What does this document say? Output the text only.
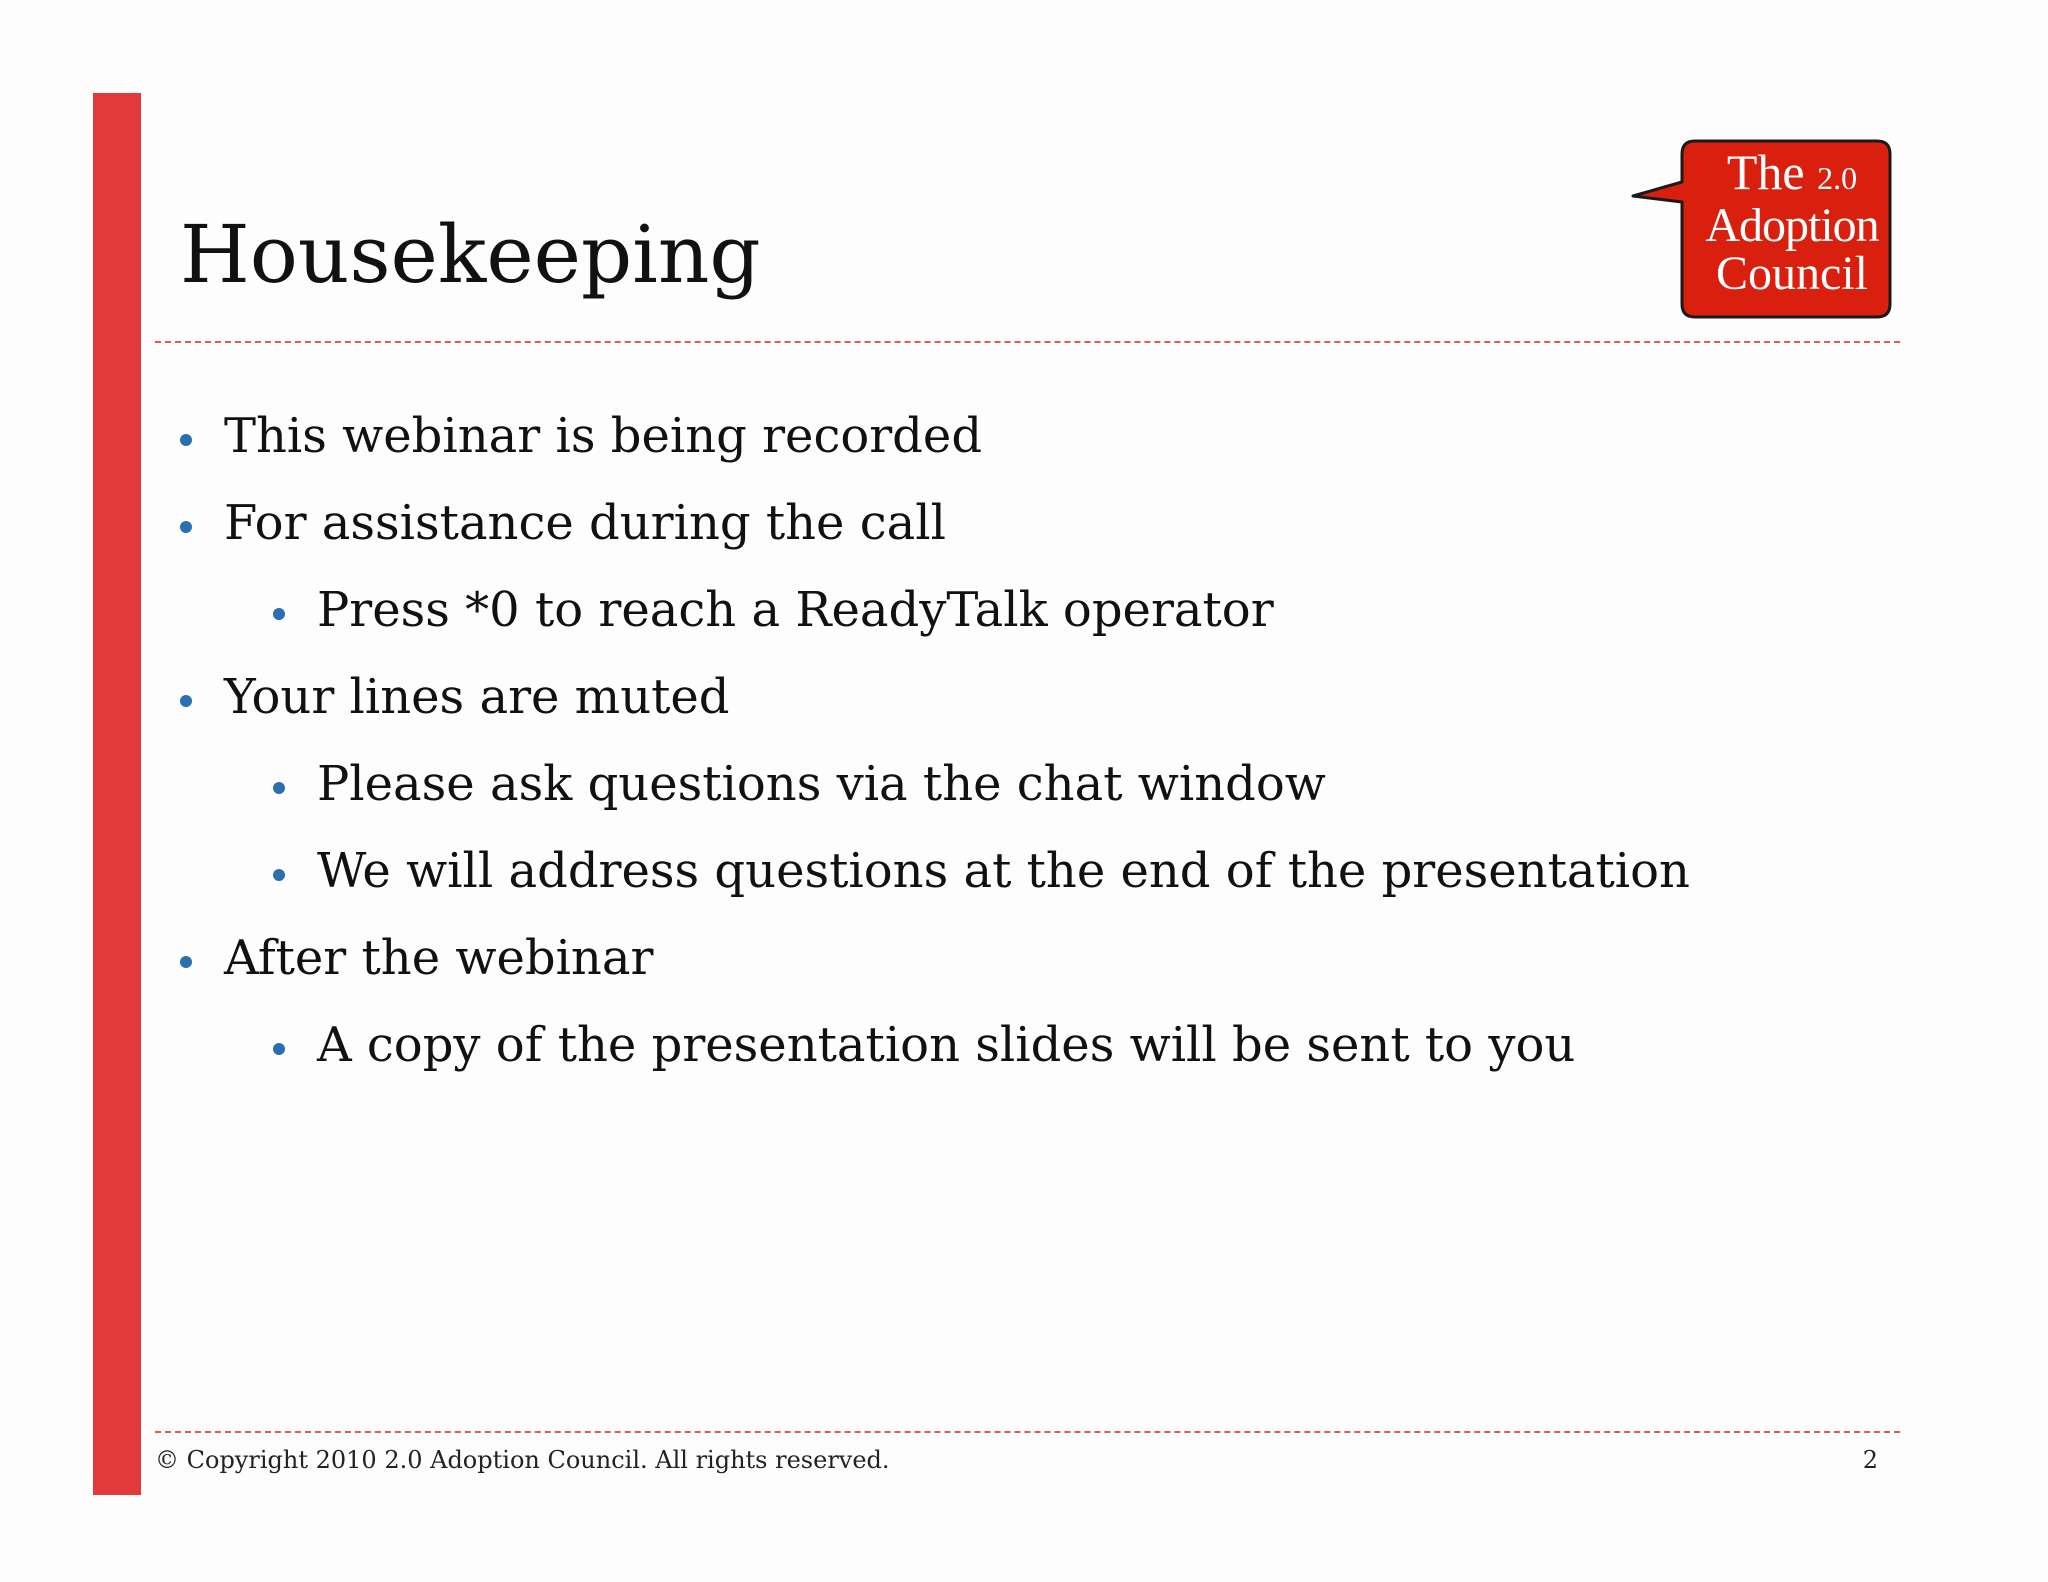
Housekeeping
The 2.0
Adoption
Council
This webinar is being recorded
For assistance during the call
Press *0 to reach a ReadyTalk operator
Your lines are muted
Please ask questions via the chat window
We will address questions at the end of the presentation
After the webinar
A copy of the presentation slides will be sent to you
© Copyright 2010 2.0 Adoption Council. All rights reserved.	2
